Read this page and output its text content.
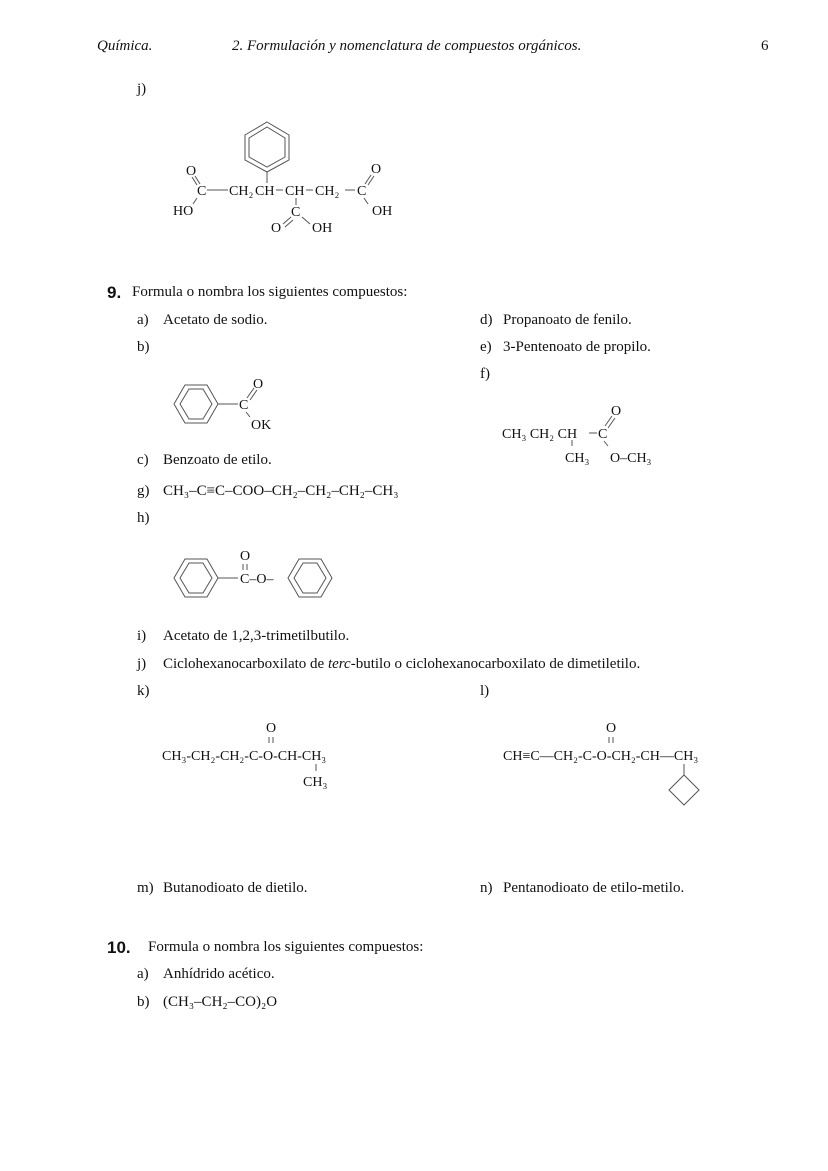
Química.	2. Formulación y nomenclatura de compuestos orgánicos.	6
j)
9. Formula o nombra los siguientes compuestos:
a) Acetato de sodio.	d) Propanoato de fenilo.
b)	e) 3-Pentenoato de propilo.
f)
c) Benzoato de etilo.
g) CH₃–C≡C–COO–CH₂–CH₂–CH₂–CH₃
h)
i) Acetato de 1,2,3-trimetilbutilo.
j) Ciclohexanocarboxilato de terc-butilo o ciclohexanocarboxilato de dimetiletilo.
k)	l)
m) Butanodioato de dietilo.	n) Pentanodioato de etilo-metilo.
10. Formula o nombra los siguientes compuestos:
a) Anhídrido acético.
b) (CH₃–CH₂–CO)₂O
O
C CH₂ CH CH CH₂ C
O
HO	OH
C
O OH
C
O
OK
CH₃ CH₂ CH C
O
CH₃ O–CH₃
O
C–O–
O
CH₃-CH₂-CH₂-C-O-CH-CH₃
CH₃
O
CH≡C—CH₂-C-O-CH₂-CH—CH₃
